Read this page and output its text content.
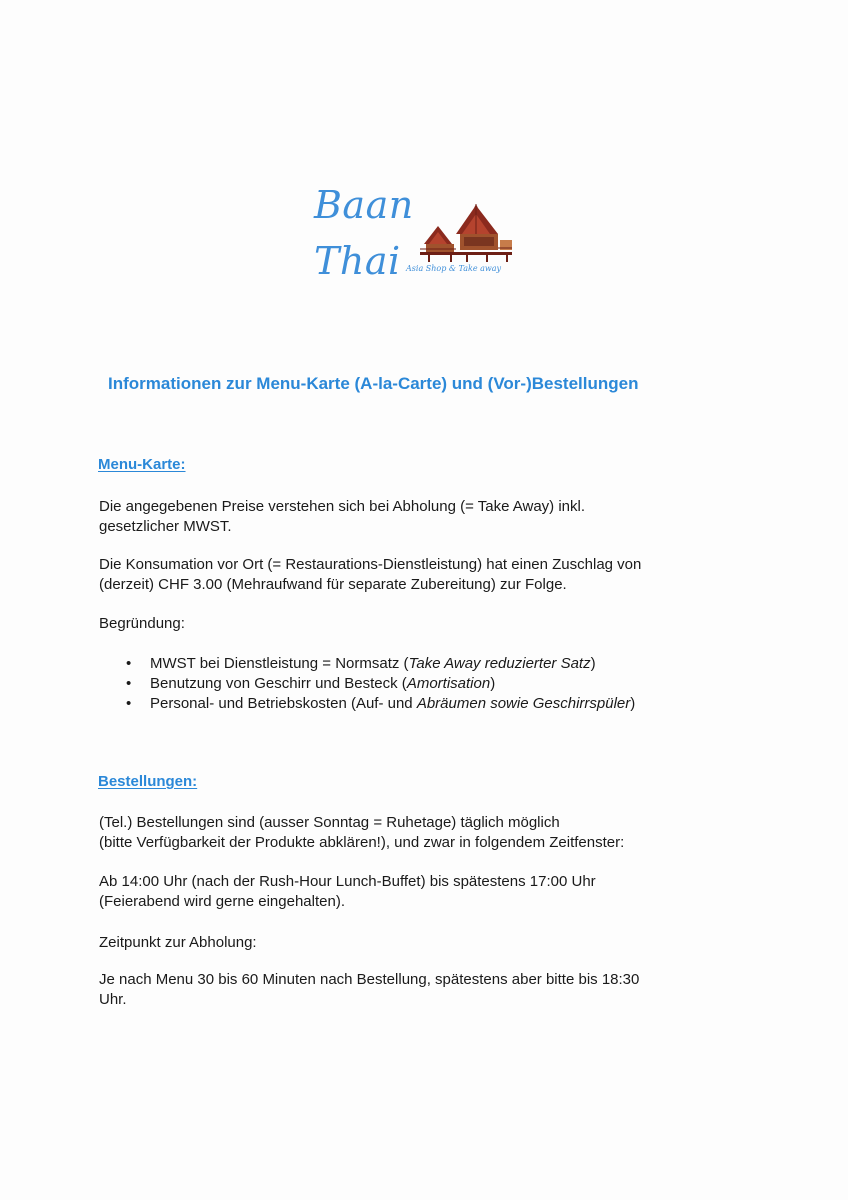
Baan
Thai Asia Shop & Take away
Informationen zur Menu-Karte (A-la-Carte) und (Vor-)Bestellungen
Menu-Karte:
Die angegebenen Preise verstehen sich bei Abholung (= Take Away) inkl.
gesetzlicher MWST.
Die Konsumation vor Ort (= Restaurations-Dienstleistung) hat einen Zuschlag von
(derzeit) CHF 3.00 (Mehraufwand für separate Zubereitung) zur Folge.
Begründung:
• MWST bei Dienstleistung = Normsatz (Take Away reduzierter Satz)
• Benutzung von Geschirr und Besteck (Amortisation)
• Personal- und Betriebskosten (Auf- und Abräumen sowie Geschirrspüler)
Bestellungen:
(Tel.) Bestellungen sind (ausser Sonntag = Ruhetage) täglich möglich
(bitte Verfügbarkeit der Produkte abklären!), und zwar in folgendem Zeitfenster:
Ab 14:00 Uhr (nach der Rush-Hour Lunch-Buffet) bis spätestens 17:00 Uhr
(Feierabend wird gerne eingehalten).
Zeitpunkt zur Abholung:
Je nach Menu 30 bis 60 Minuten nach Bestellung, spätestens aber bitte bis 18:30
Uhr.
